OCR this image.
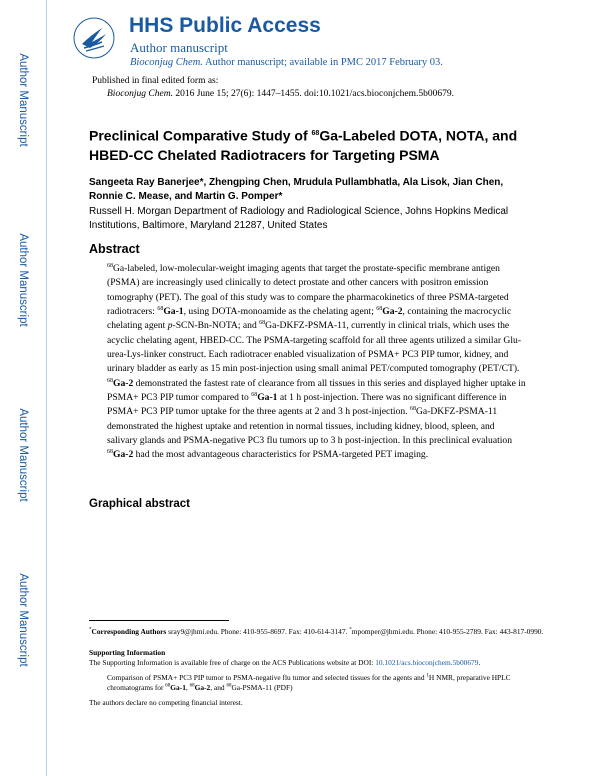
Author Manuscript
Author Manuscript
Author Manuscript
Author Manuscript
HHS Public Access
Author manuscript
Bioconjug Chem. Author manuscript; available in PMC 2017 February 03.
Published in final edited form as:
Bioconjug Chem. 2016 June 15; 27(6): 1447–1455. doi:10.1021/acs.bioconjchem.5b00679.
Preclinical Comparative Study of $^{68}$Ga-Labeled DOTA, NOTA, and HBED-CC Chelated Radiotracers for Targeting PSMA
Sangeeta Ray Banerjee*, Zhengping Chen, Mrudula Pullambhatla, Ala Lisok, Jian Chen,
Ronnie C. Mease, and Martin G. Pomper*
Russell H. Morgan Department of Radiology and Radiological Science, Johns Hopkins Medical Institutions, Baltimore, Maryland 21287, United States
Abstract
$^{68}$Ga-labeled, low-molecular-weight imaging agents that target the prostate-specific membrane antigen (PSMA) are increasingly used clinically to detect prostate and other cancers with positron emission tomography (PET). The goal of this study was to compare the pharmacokinetics of three PSMA-targeted radiotracers: $^{68}$Ga-1, using DOTA-monoamide as the chelating agent; $^{68}$Ga-2, containing the macrocyclic chelating agent p-SCN-Bn-NOTA; and $^{68}$Ga-DKFZ-PSMA-11, currently in clinical trials, which uses the acyclic chelating agent, HBED-CC. The PSMA-targeting scaffold for all three agents utilized a similar Glu-urea-Lys-linker construct. Each radiotracer enabled visualization of PSMA+ PC3 PIP tumor, kidney, and urinary bladder as early as 15 min post-injection using small animal PET/computed tomography (PET/CT). $^{68}$Ga-2 demonstrated the fastest rate of clearance from all tissues in this series and displayed higher uptake in PSMA+ PC3 PIP tumor compared to $^{68}$Ga-1 at 1 h post-injection. There was no significant difference in PSMA+ PC3 PIP tumor uptake for the three agents at 2 and 3 h post-injection. $^{68}$Ga-DKFZ-PSMA-11 demonstrated the highest uptake and retention in normal tissues, including kidney, blood, spleen, and salivary glands and PSMA-negative PC3 flu tumors up to 3 h post-injection. In this preclinical evaluation $^{68}$Ga-2 had the most advantageous characteristics for PSMA-targeted PET imaging.
Graphical abstract
*Corresponding Authors sray9@jhmi.edu. Phone: 410-955-8697. Fax: 410-614-3147. *mpomper@jhmi.edu. Phone: 410-955-2789. Fax: 443-817-0990.
Supporting Information
The Supporting Information is available free of charge on the ACS Publications website at DOI: 10.1021/acs.bioconjchem.5b00679.
Comparison of PSMA+ PC3 PIP tumor to PSMA-negative flu tumor and selected tissues for the agents and $^1$H NMR, preparative HPLC chromatograms for $^{68}$Ga-1, $^{68}$Ga-2, and $^{68}$Ga-PSMA-11 (PDF)
The authors declare no competing financial interest.
